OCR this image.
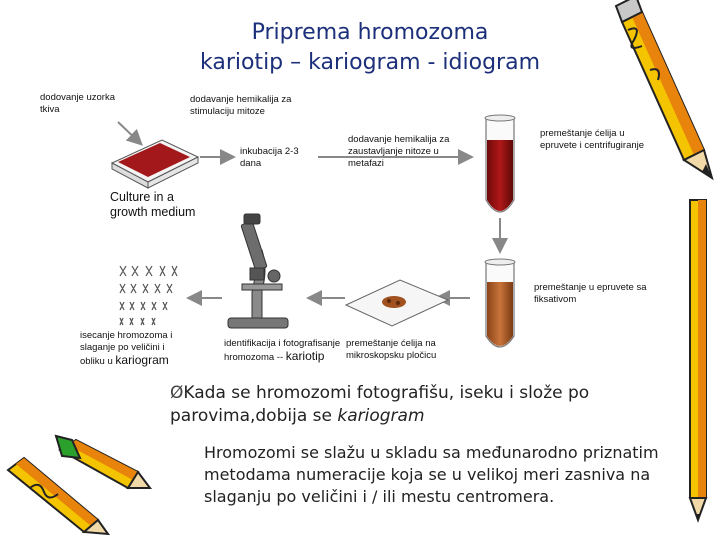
Priprema hromozoma
kariotip – kariogram - idiogram
dodovanje uzorka tkiva
dodavanje hemikalija za stimulaciju mitoze
inkubacija 2-3 dana
Culture in a growth medium
dodavanje hemikalija za zaustavljanje nitoze u metafazi
premeštanje ćelija u epruvete i centrifugiranje
premeštanje u epruvete sa fiksativom
premeštanje ćelija na mikroskopsku pločicu
identifikacija i fotografisanje hromozoma -- kariotip
isecanje hromozoma i slaganje po veličini i obliku u kariogram
ØKada se hromozomi fotografišu, iseku i slože po parovima,dobija se kariogram
Hromozomi se slažu u skladu sa međunarodno priznatim metodama numeracije koja se u velikoj meri zasniva na slaganju po veličini i / ili mestu centromera.
